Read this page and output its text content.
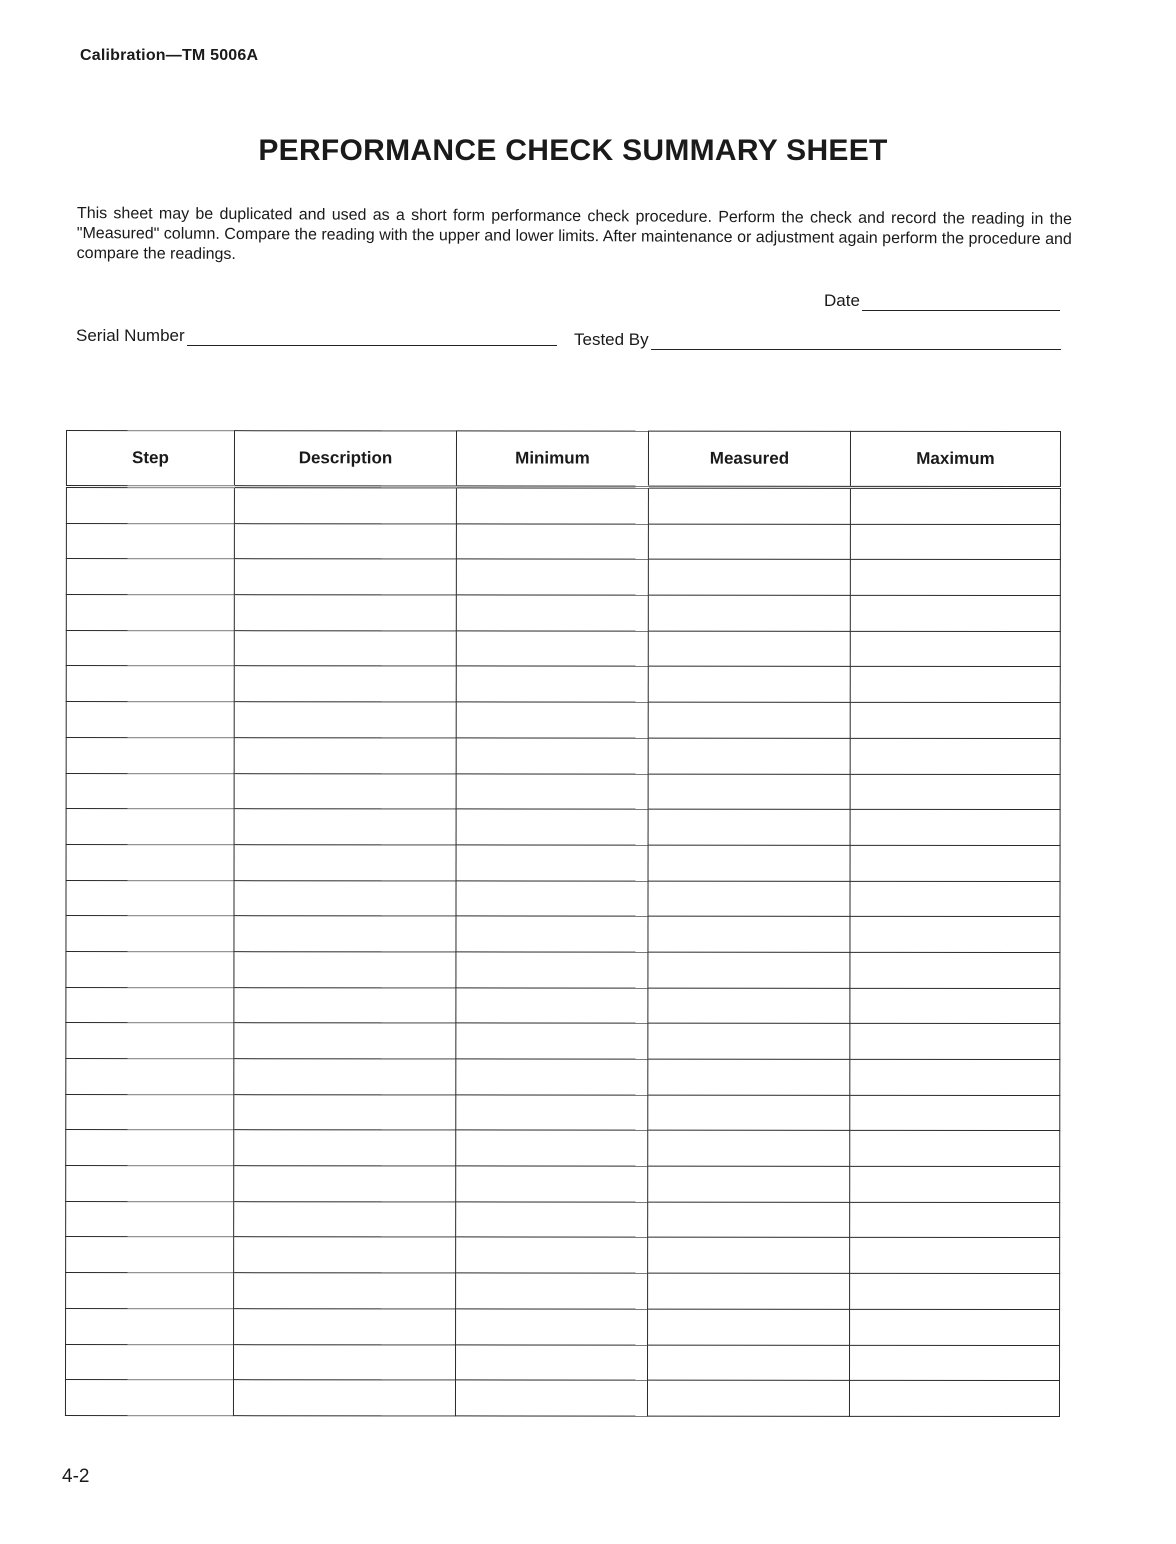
Calibration—TM 5006A
PERFORMANCE CHECK SUMMARY SHEET
This sheet may be duplicated and used as a short form performance check procedure. Perform the check and record the reading in the "Measured" column. Compare the reading with the upper and lower limits. After maintenance or adjustment again perform the procedure and compare the readings.
Date
Serial Number	Tested By
Step	Description	Minimum	Measured	Maximum

4-2
